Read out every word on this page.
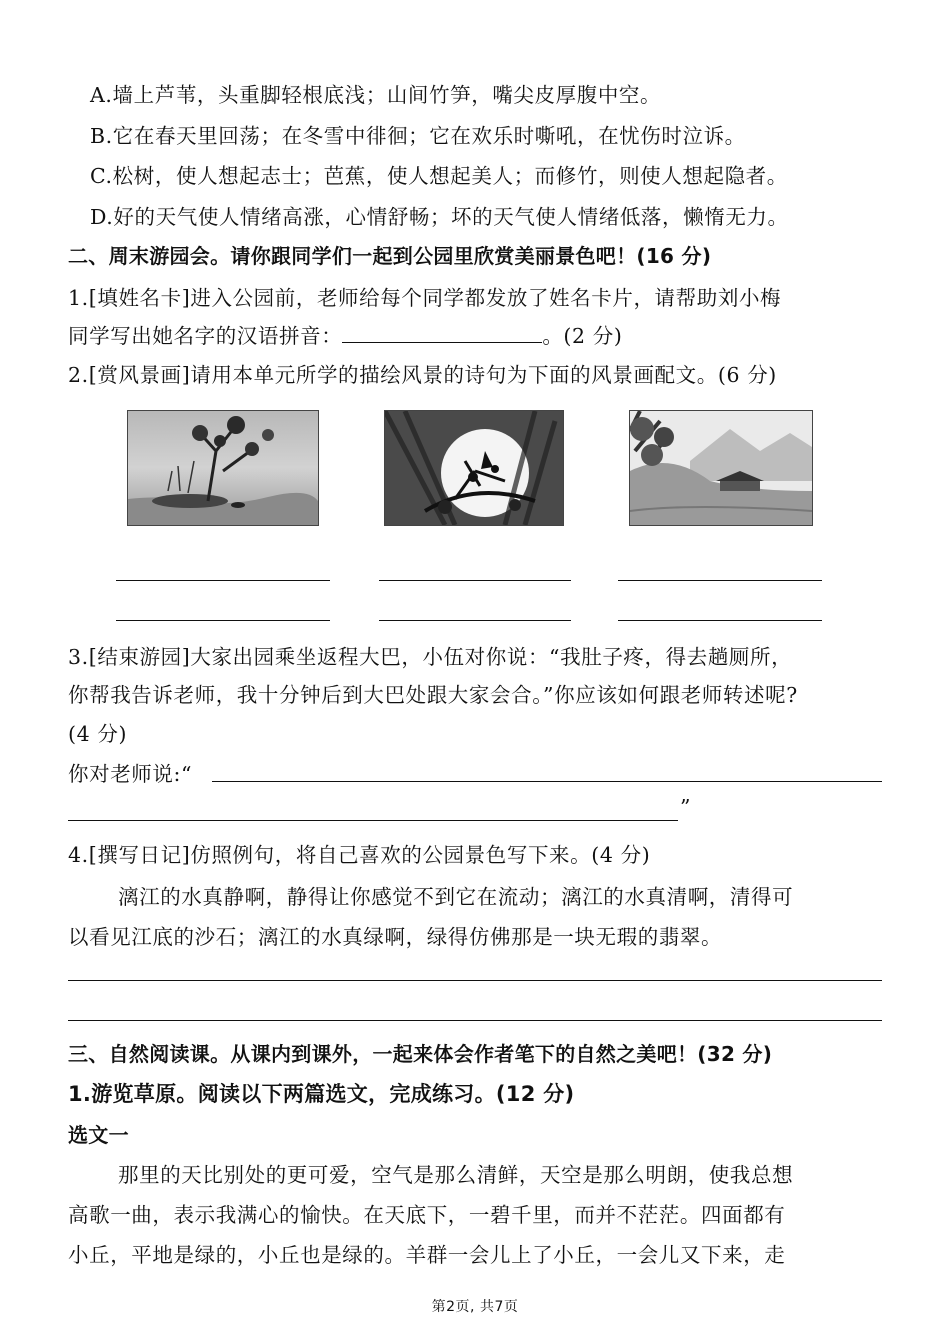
A.墙上芦苇，头重脚轻根底浅；山间竹笋，嘴尖皮厚腹中空。
B.它在春天里回荡；在冬雪中徘徊；它在欢乐时嘶吼，在忧伤时泣诉。
C.松树，使人想起志士；芭蕉，使人想起美人；而修竹，则使人想起隐者。
D.好的天气使人情绪高涨，心情舒畅；坏的天气使人情绪低落，懒惰无力。
二、周末游园会。请你跟同学们一起到公园里欣赏美丽景色吧！(16 分)
1.[填姓名卡]进入公园前，老师给每个同学都发放了姓名卡片，请帮助刘小梅
同学写出她名字的汉语拼音：	。(2 分)
2.[赏风景画]请用本单元所学的描绘风景的诗句为下面的风景画配文。(6 分)
3.[结束游园]大家出园乘坐返程大巴，小伍对你说：“我肚子疼，得去趟厕所，
你帮我告诉老师，我十分钟后到大巴处跟大家会合。”你应该如何跟老师转述呢?
(4 分)
你对老师说:“
”
4.[撰写日记]仿照例句，将自己喜欢的公园景色写下来。(4 分)
漓江的水真静啊，静得让你感觉不到它在流动；漓江的水真清啊，清得可
以看见江底的沙石；漓江的水真绿啊，绿得仿佛那是一块无瑕的翡翠。
三、自然阅读课。从课内到课外，一起来体会作者笔下的自然之美吧！(32 分)
1.游览草原。阅读以下两篇选文，完成练习。(12 分)
选文一
那里的天比别处的更可爱，空气是那么清鲜，天空是那么明朗，使我总想
高歌一曲，表示我满心的愉快。在天底下，一碧千里，而并不茫茫。四面都有
小丘，平地是绿的，小丘也是绿的。羊群一会儿上了小丘，一会儿又下来，走
第2页, 共7页
